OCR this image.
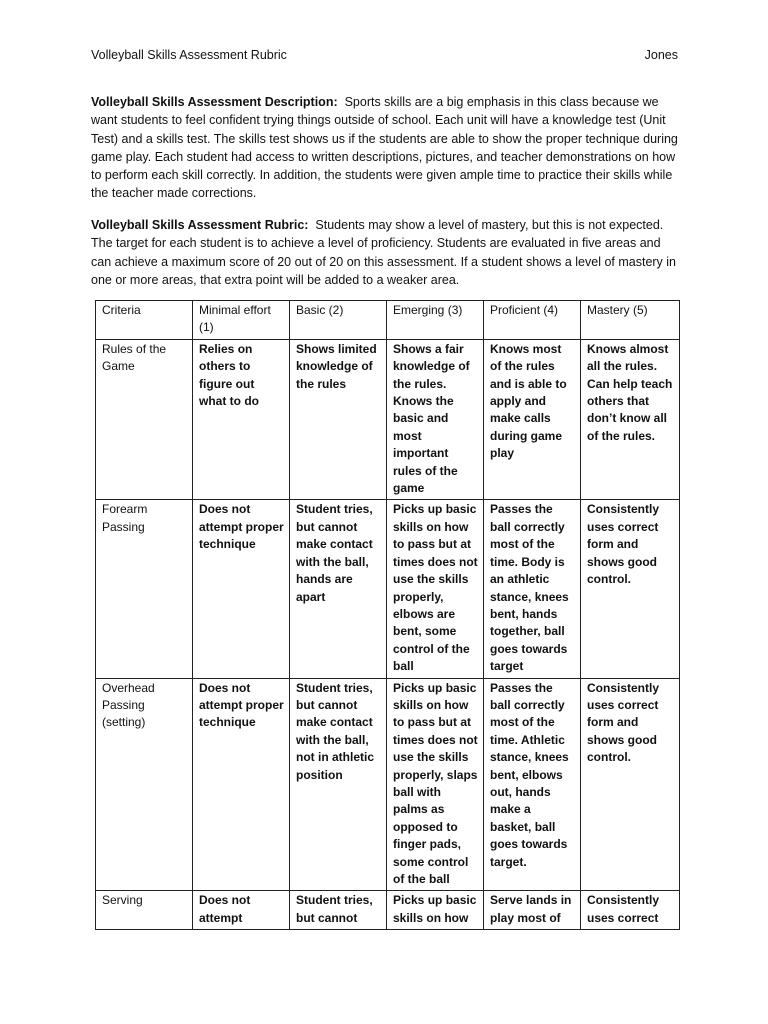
Volleyball Skills Assessment Rubric	Jones

Volleyball Skills Assessment Description: Sports skills are a big emphasis in this class because we want students to feel confident trying things outside of school. Each unit will have a knowledge test (Unit Test) and a skills test. The skills test shows us if the students are able to show the proper technique during game play. Each student had access to written descriptions, pictures, and teacher demonstrations on how to perform each skill correctly. In addition, the students were given ample time to practice their skills while the teacher made corrections.

Volleyball Skills Assessment Rubric: Students may show a level of mastery, but this is not expected. The target for each student is to achieve a level of proficiency. Students are evaluated in five areas and can achieve a maximum score of 20 out of 20 on this assessment. If a student shows a level of mastery in one or more areas, that extra point will be added to a weaker area.

Criteria	Minimal effort (1)	Basic (2)	Emerging (3)	Proficient (4)	Mastery (5)
Rules of the Game	Relies on others to figure out what to do	Shows limited knowledge of the rules	Shows a fair knowledge of the rules. Knows the basic and most important rules of the game	Knows most of the rules and is able to apply and make calls during game play	Knows almost all the rules. Can help teach others that don’t know all of the rules.
Forearm Passing	Does not attempt proper technique	Student tries, but cannot make contact with the ball, hands are apart	Picks up basic skills on how to pass but at times does not use the skills properly, elbows are bent, some control of the ball	Passes the ball correctly most of the time. Body is an athletic stance, knees bent, hands together, ball goes towards target	Consistently uses correct form and shows good control.
Overhead Passing (setting)	Does not attempt proper technique	Student tries, but cannot make contact with the ball, not in athletic position	Picks up basic skills on how to pass but at times does not use the skills properly, slaps ball with palms as opposed to finger pads, some control of the ball	Passes the ball correctly most of the time. Athletic stance, knees bent, elbows out, hands make a basket, ball goes towards target.	Consistently uses correct form and shows good control.
Serving	Does not attempt	Student tries, but cannot	Picks up basic skills on how	Serve lands in play most of	Consistently uses correct
